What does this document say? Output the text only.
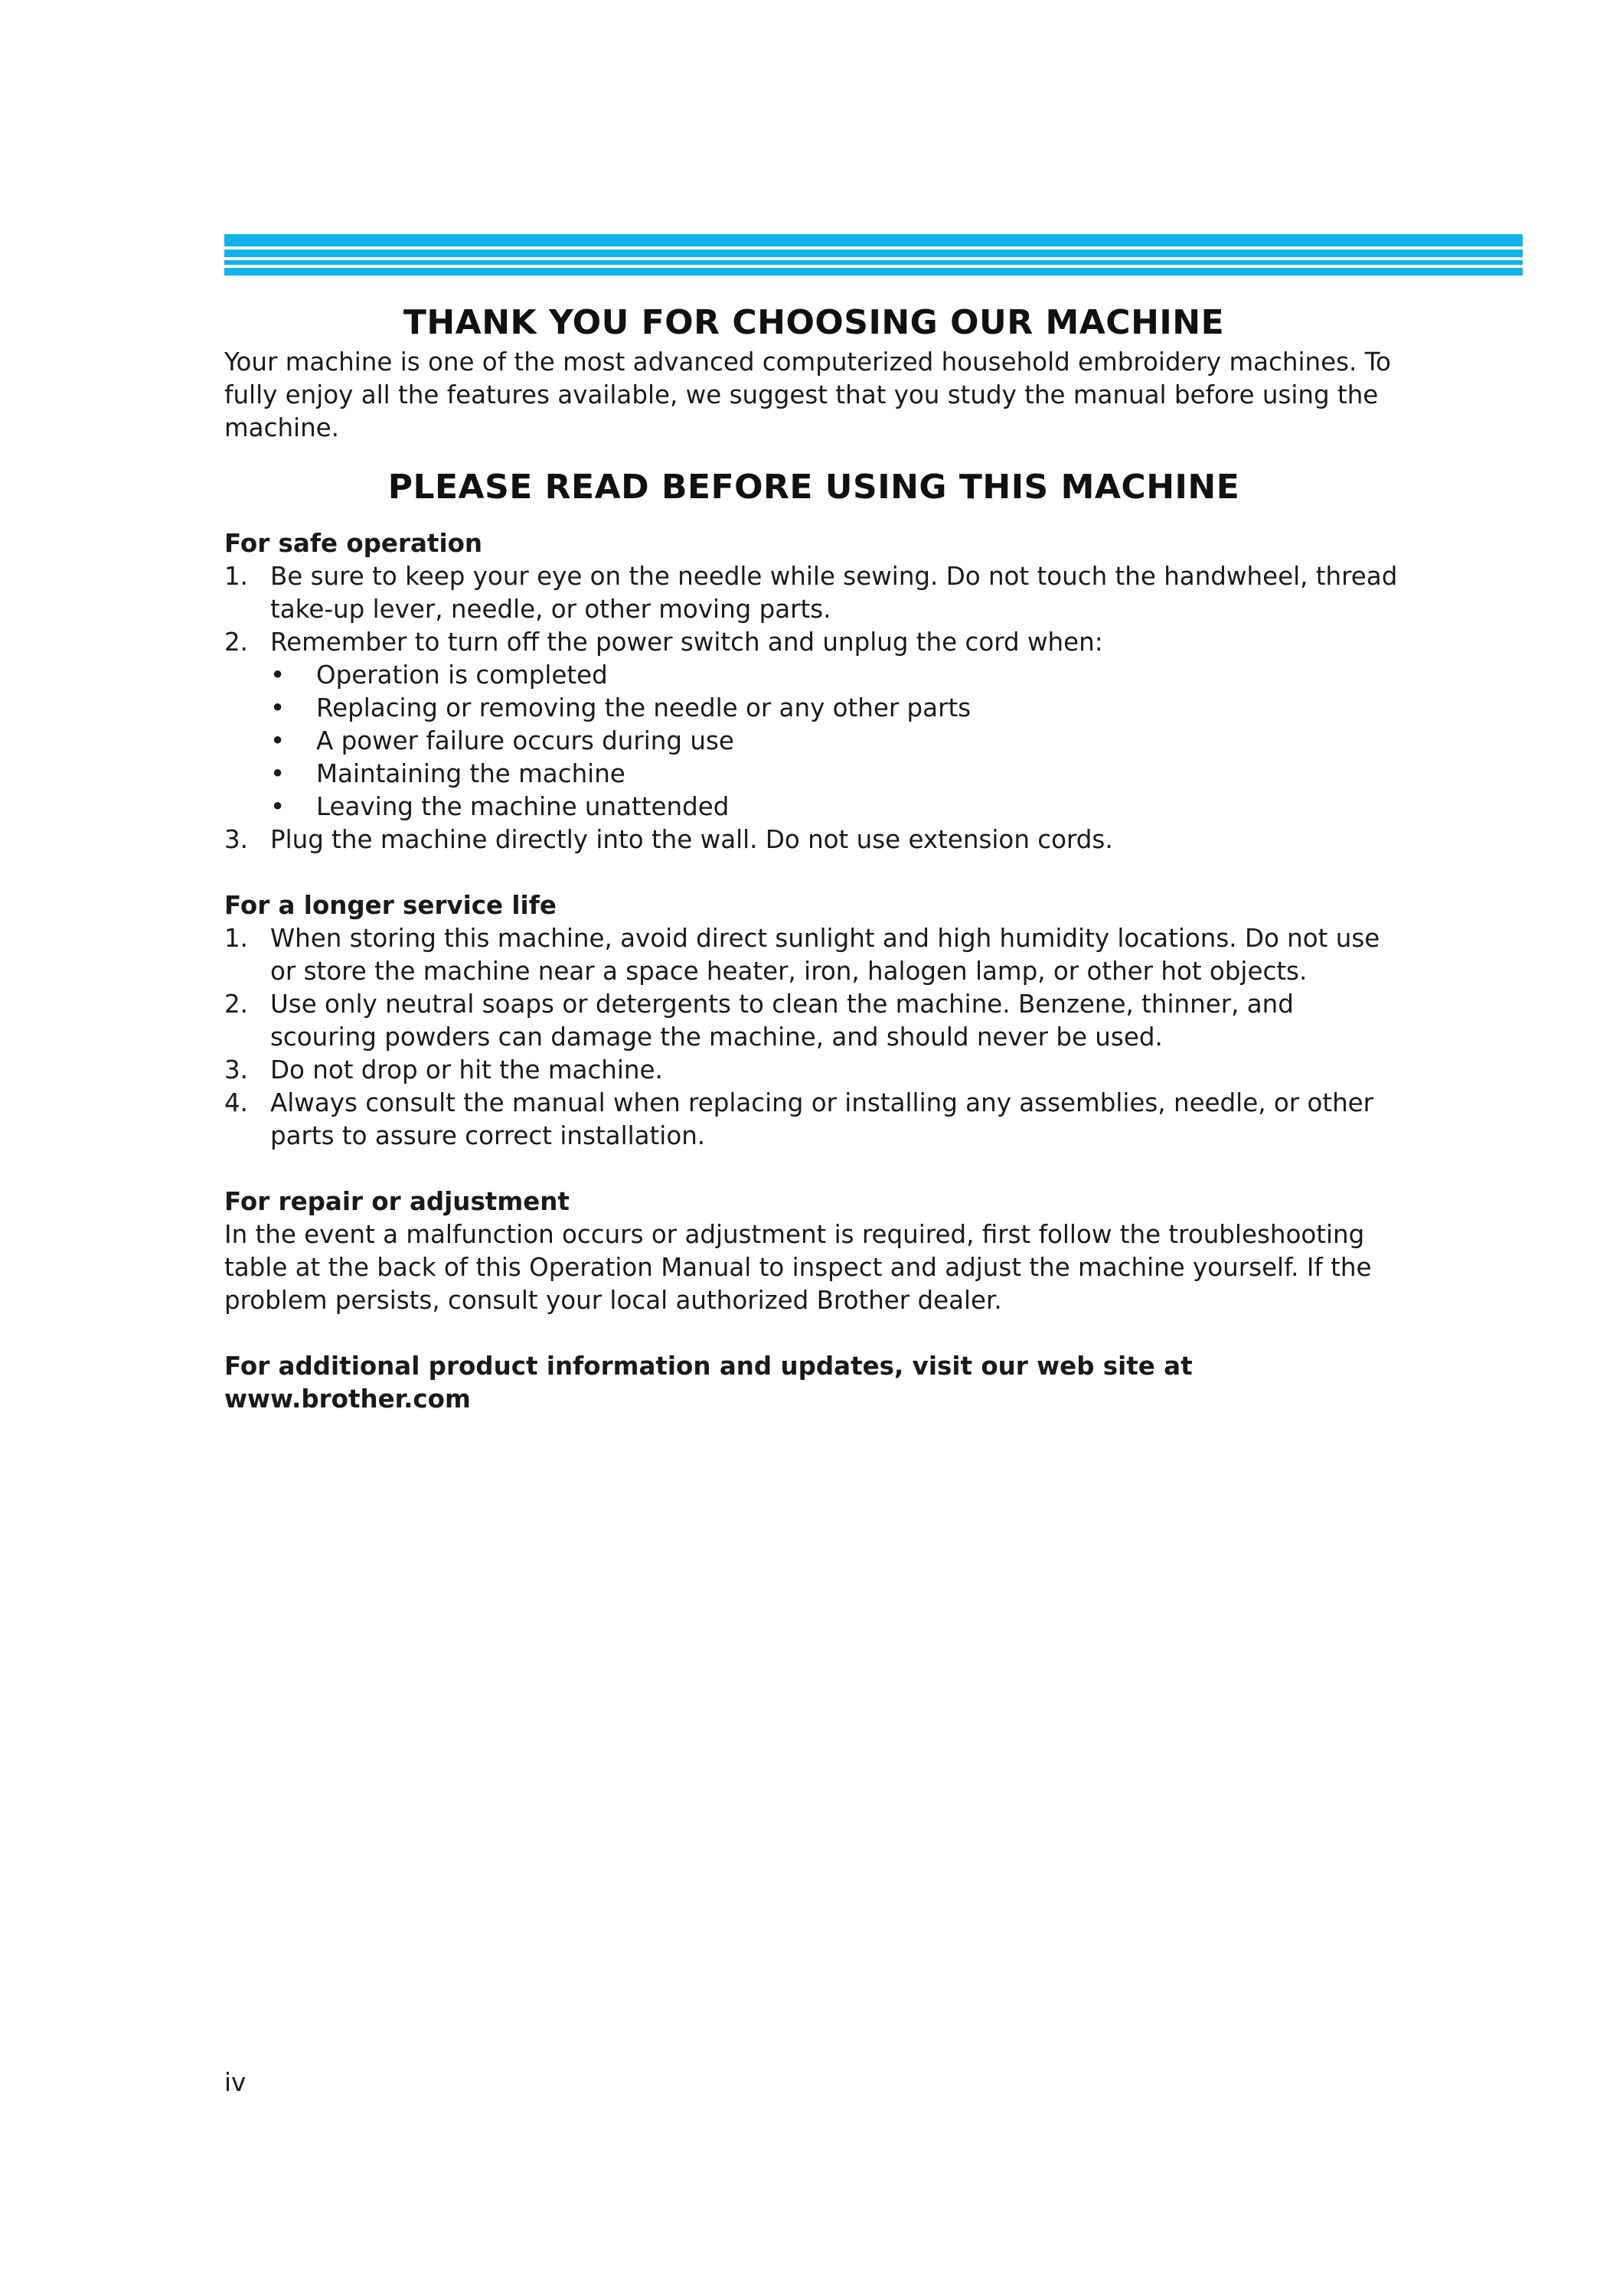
THANK YOU FOR CHOOSING OUR MACHINE

Your machine is one of the most advanced computerized household embroidery machines. To fully enjoy all the features available, we suggest that you study the manual before using the machine.

PLEASE READ BEFORE USING THIS MACHINE

For safe operation

1. Be sure to keep your eye on the needle while sewing. Do not touch the handwheel, thread take-up lever, needle, or other moving parts.
2. Remember to turn off the power switch and unplug the cord when:
• Operation is completed
• Replacing or removing the needle or any other parts
• A power failure occurs during use
• Maintaining the machine
• Leaving the machine unattended
3. Plug the machine directly into the wall. Do not use extension cords.

For a longer service life

1. When storing this machine, avoid direct sunlight and high humidity locations. Do not use or store the machine near a space heater, iron, halogen lamp, or other hot objects.
2. Use only neutral soaps or detergents to clean the machine. Benzene, thinner, and scouring powders can damage the machine, and should never be used.
3. Do not drop or hit the machine.
4. Always consult the manual when replacing or installing any assemblies, needle, or other parts to assure correct installation.

For repair or adjustment

In the event a malfunction occurs or adjustment is required, first follow the troubleshooting table at the back of this Operation Manual to inspect and adjust the machine yourself. If the problem persists, consult your local authorized Brother dealer.

For additional product information and updates, visit our web site at www.brother.com

iv
